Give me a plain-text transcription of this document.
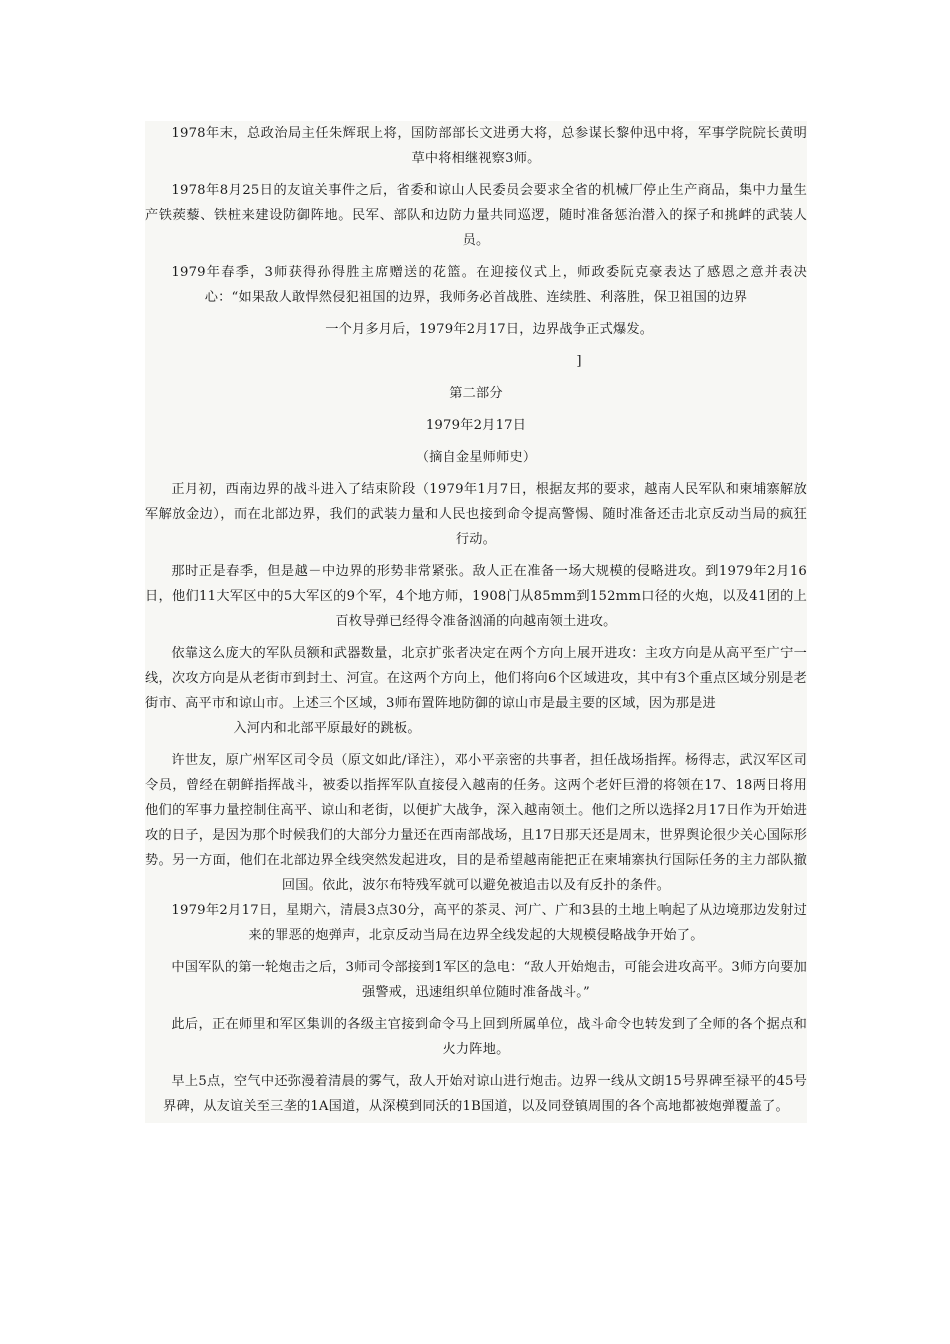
1978年末，总政治局主任朱辉珉上将，国防部部长文进勇大将，总参谋长黎仲迅中将，军事学院院长黄明草中将相继视察3师。

1978年8月25日的友谊关事件之后，省委和谅山人民委员会要求全省的机械厂停止生产商品，集中力量生产铁蒺藜、铁桩来建设防御阵地。民军、部队和边防力量共同巡逻，随时准备惩治潜入的探子和挑衅的武装人员。

1979年春季，3师获得孙得胜主席赠送的花篮。在迎接仪式上，师政委阮克豪表达了感恩之意并表决心：“如果敌人敢悍然侵犯祖国的边界，我师务必首战胜、连续胜、利落胜，保卫祖国的边界

一个月多月后，1979年2月17日，边界战争正式爆发。

]

第二部分

1979年2月17日

（摘自金星师师史）

正月初，西南边界的战斗进入了结束阶段（1979年1月7日，根据友邦的要求，越南人民军队和柬埔寨解放军解放金边），而在北部边界，我们的武装力量和人民也接到命令提高警惕、随时准备还击北京反动当局的疯狂行动。

那时正是春季，但是越－中边界的形势非常紧张。敌人正在准备一场大规模的侵略进攻。到1979年2月16日，他们11大军区中的5大军区的9个军，4个地方师，1908门从85mm到152mm口径的火炮，以及41团的上百枚导弹已经得令准备汹涌的向越南领土进攻。

依靠这么庞大的军队员额和武器数量，北京扩张者决定在两个方向上展开进攻：主攻方向是从高平至广宁一线，次攻方向是从老街市到封土、河宣。在这两个方向上，他们将向6个区域进攻，其中有3个重点区域分别是老街市、高平市和谅山市。上述三个区域，3师布置阵地防御的谅山市是最主要的区域，因为那是进
入河内和北部平原最好的跳板。

许世友，原广州军区司令员（原文如此/译注），邓小平亲密的共事者，担任战场指挥。杨得志，武汉军区司令员，曾经在朝鲜指挥战斗，被委以指挥军队直接侵入越南的任务。这两个老奸巨滑的将领在17、18两日将用他们的军事力量控制住高平、谅山和老街，以便扩大战争，深入越南领土。他们之所以选择2月17日作为开始进攻的日子，是因为那个时候我们的大部分力量还在西南部战场，且17日那天还是周末，世界舆论很少关心国际形势。另一方面，他们在北部边界全线突然发起进攻，目的是希望越南能把正在柬埔寨执行国际任务的主力部队撤回国。依此，波尔布特残军就可以避免被追击以及有反扑的条件。

1979年2月17日，星期六，清晨3点30分，高平的茶灵、河广、广和3县的土地上响起了从边境那边发射过来的罪恶的炮弹声，北京反动当局在边界全线发起的大规模侵略战争开始了。

中国军队的第一轮炮击之后，3师司令部接到1军区的急电：“敌人开始炮击，可能会进攻高平。3师方向要加强警戒，迅速组织单位随时准备战斗。”

此后，正在师里和军区集训的各级主官接到命令马上回到所属单位，战斗命令也转发到了全师的各个据点和火力阵地。

早上5点，空气中还弥漫着清晨的雾气，敌人开始对谅山进行炮击。边界一线从文朗15号界碑至禄平的45号界碑，从友谊关至三垄的1A国道，从深模到同沃的1B国道，以及同登镇周围的各个高地都被炮弹覆盖了。
